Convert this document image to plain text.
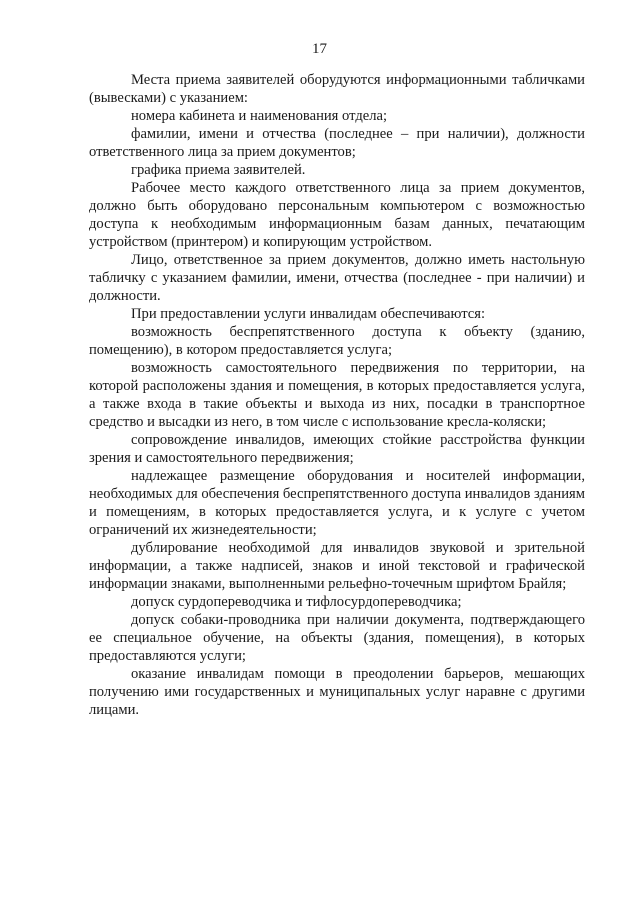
17

Места приема заявителей оборудуются информационными табличками (вывесками) с указанием:

номера кабинета и наименования отдела;

фамилии, имени и отчества (последнее – при наличии), должности ответственного лица за прием документов;

графика приема заявителей.

Рабочее место каждого ответственного лица за прием документов, должно быть оборудовано персональным компьютером с возможностью доступа к необходимым информационным базам данных, печатающим устройством (принтером) и копирующим устройством.

Лицо, ответственное за прием документов, должно иметь настольную табличку с указанием фамилии, имени, отчества (последнее - при наличии) и должности.

При предоставлении услуги инвалидам обеспечиваются:

возможность беспрепятственного доступа к объекту (зданию, помещению), в котором предоставляется услуга;

возможность самостоятельного передвижения по территории, на которой расположены здания и помещения, в которых предоставляется услуга, а также входа в такие объекты и выхода из них, посадки в транспортное средство и высадки из него, в том числе с использование кресла-коляски;

сопровождение инвалидов, имеющих стойкие расстройства функции зрения и самостоятельного передвижения;

надлежащее размещение оборудования и носителей информации, необходимых для обеспечения беспрепятственного доступа инвалидов зданиям и помещениям, в которых предоставляется услуга, и к услуге с учетом ограничений их жизнедеятельности;

дублирование необходимой для инвалидов звуковой и зрительной информации, а также надписей, знаков и иной текстовой и графической информации знаками, выполненными рельефно-точечным шрифтом Брайля;

допуск сурдопереводчика и тифлосурдопереводчика;

допуск собаки-проводника при наличии документа, подтверждающего ее специальное обучение, на объекты (здания, помещения), в которых предоставляются услуги;

оказание инвалидам помощи в преодолении барьеров, мешающих получению ими государственных и муниципальных услуг наравне с другими лицами.
